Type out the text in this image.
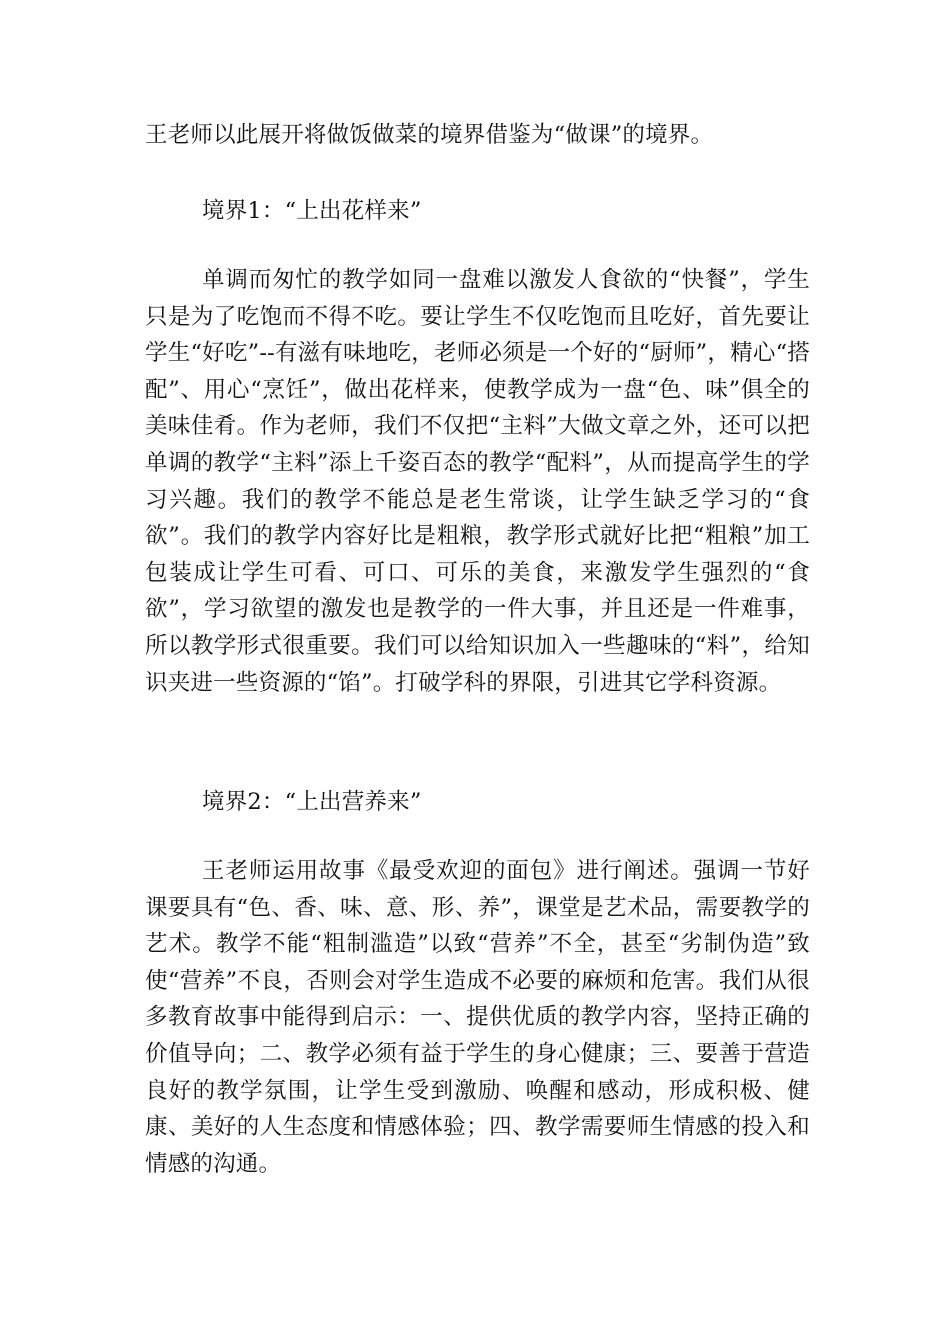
王老师以此展开将做饭做菜的境界借鉴为“做课”的境界。

境界1：“上出花样来”

单调而匆忙的教学如同一盘难以激发人食欲的“快餐”，学生只是为了吃饱而不得不吃。要让学生不仅吃饱而且吃好，首先要让学生“好吃”--有滋有味地吃，老师必须是一个好的“厨师”，精心“搭配”、用心“烹饪”，做出花样来，使教学成为一盘“色、味”俱全的美味佳肴。作为老师，我们不仅把“主料”大做文章之外，还可以把单调的教学“主料”添上千姿百态的教学“配料”，从而提高学生的学习兴趣。我们的教学不能总是老生常谈，让学生缺乏学习的“食欲”。我们的教学内容好比是粗粮，教学形式就好比把“粗粮”加工包装成让学生可看、可口、可乐的美食，来激发学生强烈的“食欲”，学习欲望的激发也是教学的一件大事，并且还是一件难事，所以教学形式很重要。我们可以给知识加入一些趣味的“料”，给知识夹进一些资源的“馅”。打破学科的界限，引进其它学科资源。

境界2：“上出营养来”

王老师运用故事《最受欢迎的面包》进行阐述。强调一节好课要具有“色、香、味、意、形、养”，课堂是艺术品，需要教学的艺术。教学不能“粗制滥造”以致“营养”不全，甚至“劣制伪造”致使“营养”不良，否则会对学生造成不必要的麻烦和危害。我们从很多教育故事中能得到启示：一、提供优质的教学内容，坚持正确的价值导向；二、教学必须有益于学生的身心健康；三、要善于营造良好的教学氛围，让学生受到激励、唤醒和感动，形成积极、健康、美好的人生态度和情感体验；四、教学需要师生情感的投入和情感的沟通。
